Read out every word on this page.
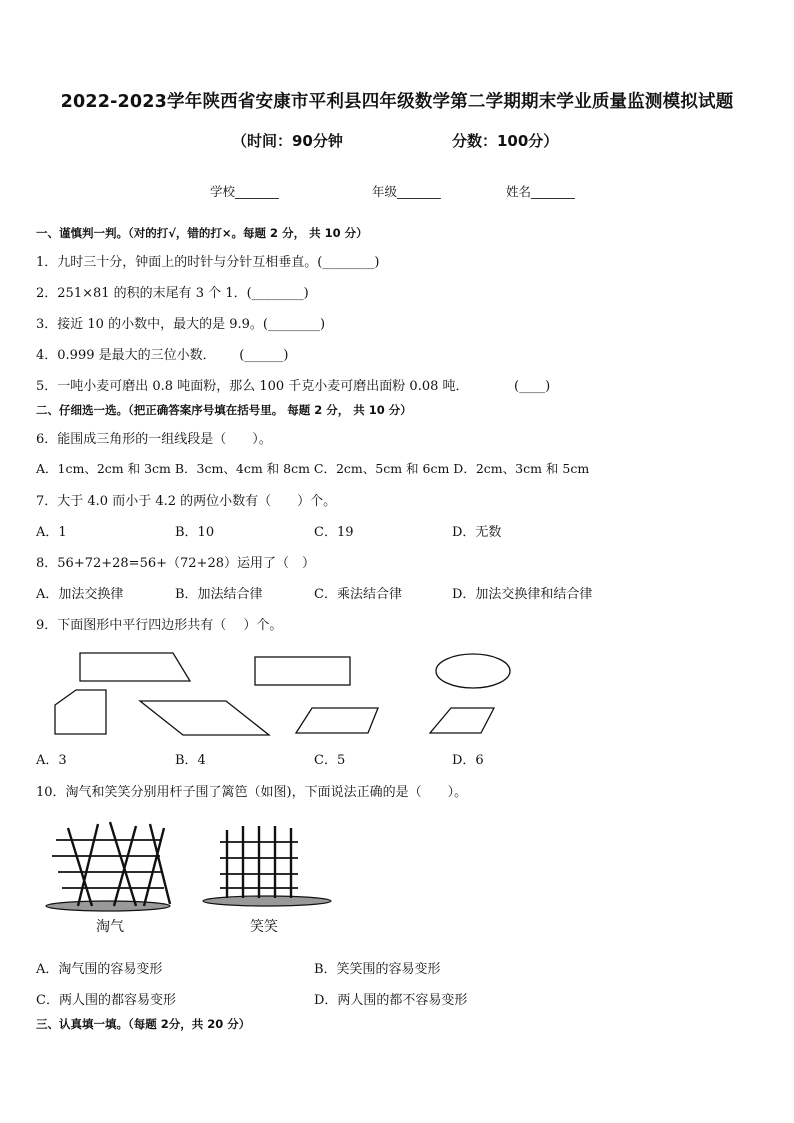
2022-2023学年陕西省安康市平利县四年级数学第二学期期末学业质量监测模拟试题
（时间：90分钟	分数：100分）
学校_______	年级_______	姓名_______
一、谨慎判一判。（对的打√，错的打×。每题 2 分， 共 10 分）
1．九时三十分，钟面上的时针与分针互相垂直。(________)
2．251×81 的积的末尾有 3 个 1．(________)
3．接近 10 的小数中，最大的是 9.9。(________)
4．0.999 是最大的三位小数．　　 (______)
5．一吨小麦可磨出 0.8 吨面粉，那么 100 千克小麦可磨出面粉 0.08 吨．　　　　(____)
二、仔细选一选。（把正确答案序号填在括号里。 每题 2 分， 共 10 分）
6．能围成三角形的一组线段是（　　）。
A．1cm、2cm 和 3cm B．3cm、4cm 和 8cm C．2cm、5cm 和 6cm D．2cm、3cm 和 5cm
7．大于 4.0 而小于 4.2 的两位小数有（　　）个。
A．1	B．10	C．19	D．无数
8．56+72+28=56+（72+28）运用了（　）
A．加法交换律	B．加法结合律	C．乘法结合律	D．加法交换律和结合律
9．下面图形中平行四边形共有（　 ）个。
A．3	B．4	C．5	D．6
10．淘气和笑笑分别用杆子围了篱笆（如图)，下面说法正确的是（　　）。
淘气	笑笑
A．淘气围的容易变形	B．笑笑围的容易变形
C．两人围的都容易变形	D．两人围的都不容易变形
三、认真填一填。（每题 2分，共 20 分）
